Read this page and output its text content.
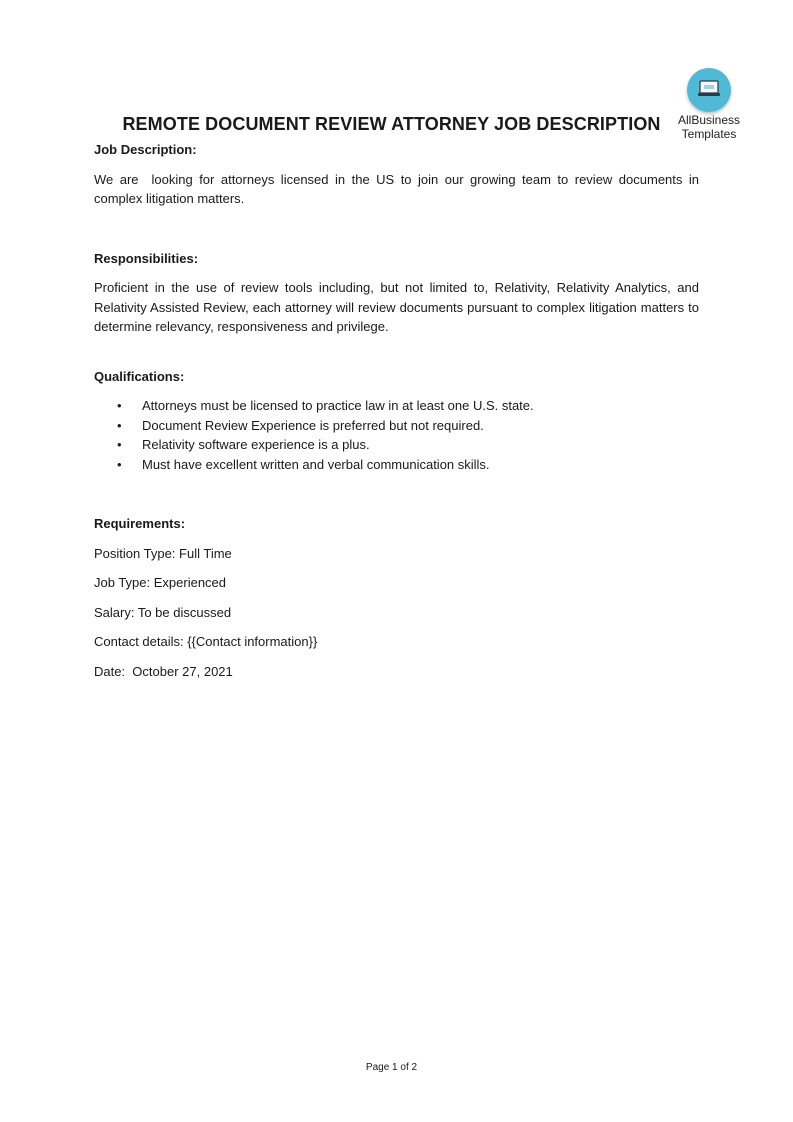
AllBusiness
Templates
REMOTE DOCUMENT REVIEW ATTORNEY JOB DESCRIPTION

Job Description:

We are  looking for attorneys licensed in the US to join our growing team to review documents in complex litigation matters.

Responsibilities:

Proficient in the use of review tools including, but not limited to, Relativity, Relativity Analytics, and Relativity Assisted Review, each attorney will review documents pursuant to complex litigation matters to determine relevancy, responsiveness and privilege.

Qualifications:

• Attorneys must be licensed to practice law in at least one U.S. state.
• Document Review Experience is preferred but not required.
• Relativity software experience is a plus.
• Must have excellent written and verbal communication skills.

Requirements:

Position Type: Full Time

Job Type: Experienced

Salary: To be discussed

Contact details: {{Contact information}}

Date:  October 27, 2021

Page 1 of 2
